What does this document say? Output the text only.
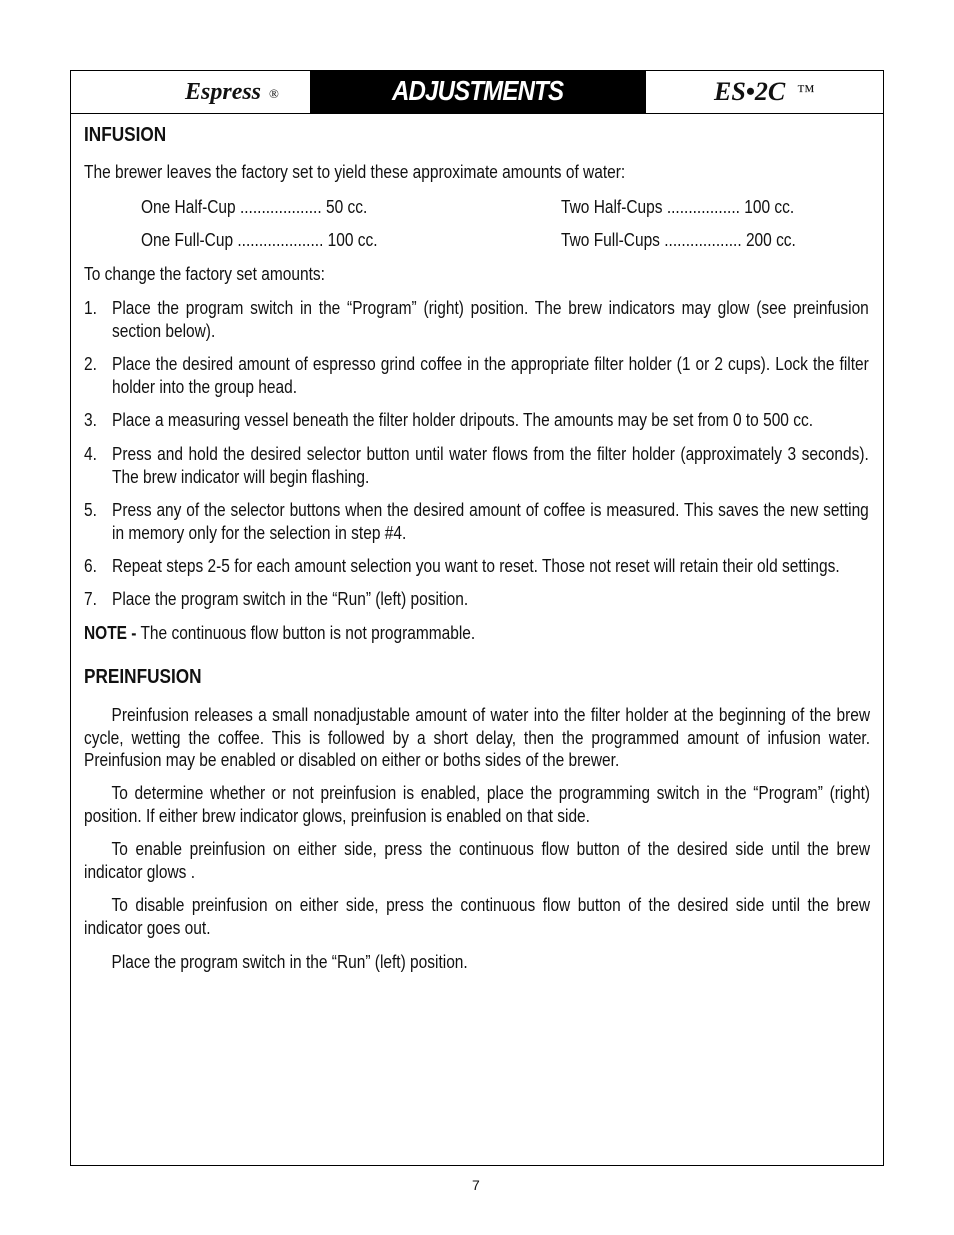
Espress ®	ADJUSTMENTS	ES•2C ™
INFUSION

The brewer leaves the factory set to yield these approximate amounts of water:

One Half-Cup ................... 50 cc.	Two Half-Cups ................. 100 cc.
One Full-Cup .................... 100 cc.	Two Full-Cups .................. 200 cc.

To change the factory set amounts:

1. Place the program switch in the “Program” (right) position. The brew indicators may glow (see preinfusion section below).
2. Place the desired amount of espresso grind coffee in the appropriate filter holder (1 or 2 cups). Lock the filter holder into the group head.
3. Place a measuring vessel beneath the filter holder dripouts. The amounts may be set from 0 to 500 cc.
4. Press and hold the desired selector button until water flows from the filter holder (approximately 3 seconds). The brew indicator will begin flashing.
5. Press any of the selector buttons when the desired amount of coffee is measured. This saves the new setting in memory only for the selection in step #4.
6. Repeat steps 2-5 for each amount selection you want to reset. Those not reset will retain their old settings.
7. Place the program switch in the “Run” (left) position.

NOTE - The continuous flow button is not programmable.

PREINFUSION

Preinfusion releases a small nonadjustable amount of water into the filter holder at the beginning of the brew cycle, wetting the coffee. This is followed by a short delay, then the programmed amount of infusion water. Preinfusion may be enabled or disabled on either or boths sides of the brewer.

To determine whether or not preinfusion is enabled, place the programming switch in the “Program” (right) position. If either brew indicator glows, preinfusion is enabled on that side.

To enable preinfusion on either side, press the continuous flow button of the desired side until the brew indicator glows .

To disable preinfusion on either side, press the continuous flow button of the desired side until the brew indicator goes out.

Place the program switch in the “Run” (left) position.

7
